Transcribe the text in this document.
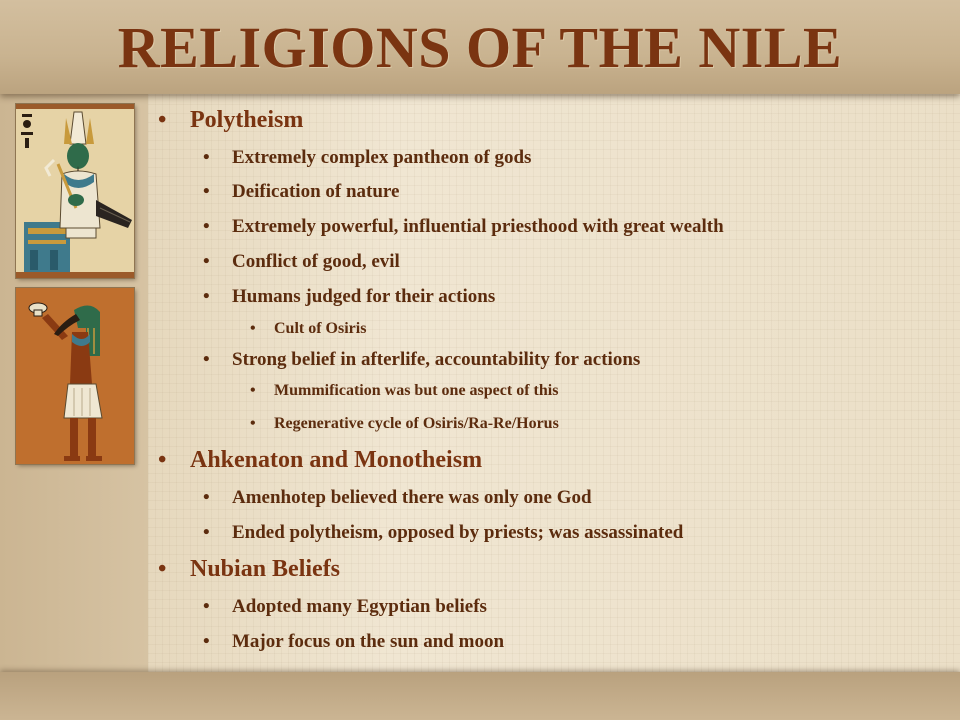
RELIGIONS OF THE NILE
• Polytheism
• Extremely complex pantheon of gods
• Deification of nature
• Extremely powerful, influential priesthood with great wealth
• Conflict of good, evil
• Humans judged for their actions
• Cult of Osiris
• Strong belief in afterlife, accountability for actions
• Mummification was but one aspect of this
• Regenerative cycle of Osiris/Ra-Re/Horus
• Ahkenaton and Monotheism
• Amenhotep believed there was only one God
• Ended polytheism, opposed by priests; was assassinated
• Nubian Beliefs
• Adopted many Egyptian beliefs
• Major focus on the sun and moon
